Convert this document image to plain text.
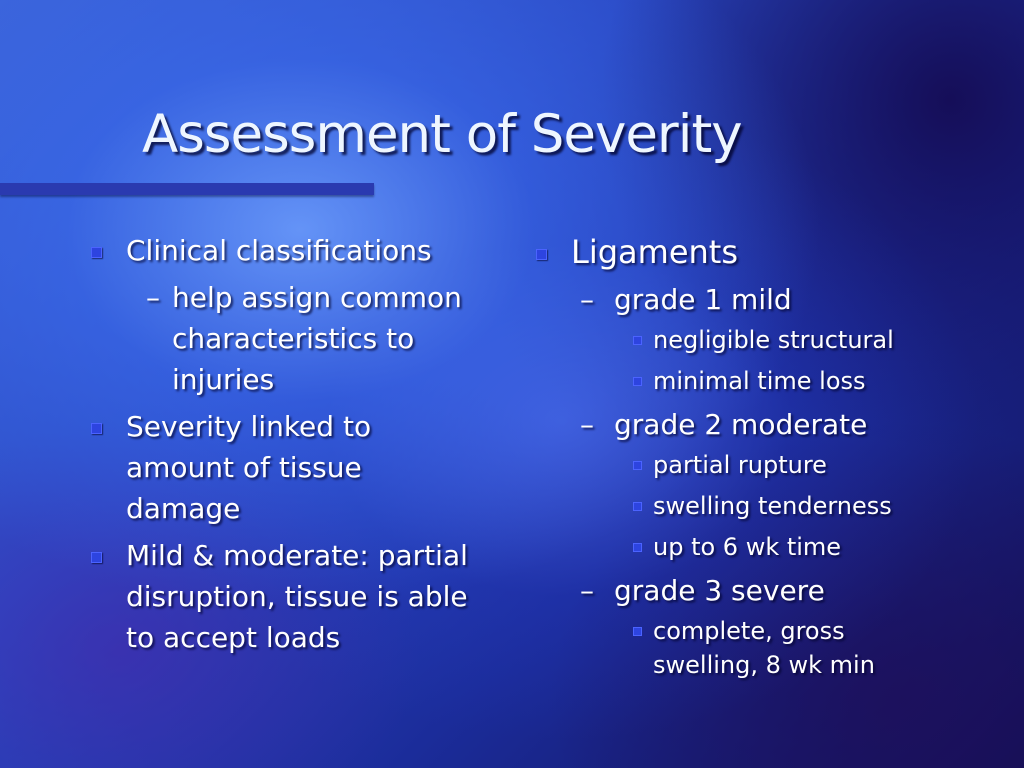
Assessment of Severity
Clinical classifications
– help assign common characteristics to injuries
Severity linked to amount of tissue damage
Mild & moderate: partial disruption, tissue is able to accept loads
Ligaments
– grade 1 mild
negligible structural
minimal time loss
– grade 2 moderate
partial rupture
swelling tenderness
up to 6 wk time
– grade 3 severe
complete, gross swelling, 8 wk min
